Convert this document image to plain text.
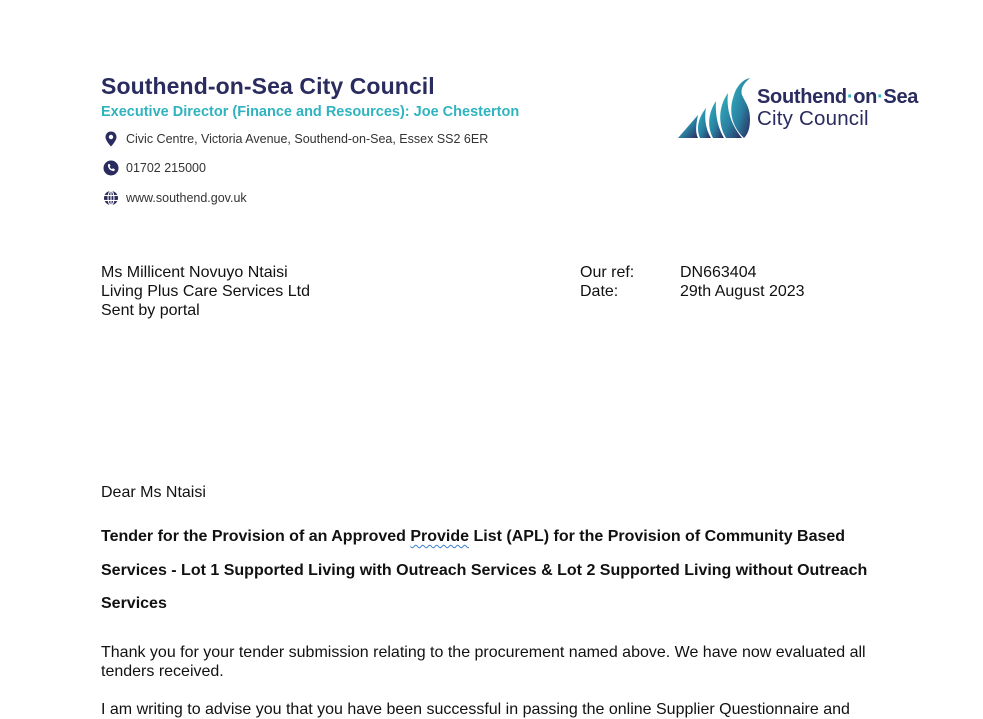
Southend-on-Sea City Council
Executive Director (Finance and Resources): Joe Chesterton
Civic Centre, Victoria Avenue, Southend-on-Sea, Essex SS2 6ER
01702 215000
www.southend.gov.uk
Southend·on·Sea
City Council
Ms Millicent Novuyo Ntaisi
Living Plus Care Services Ltd
Sent by portal
Our ref:	DN663404
Date:	29th August 2023
Dear Ms Ntaisi

Tender for the Provision of an Approved Provide List (APL) for the Provision of Community Based Services - Lot 1 Supported Living with Outreach Services & Lot 2 Supported Living without Outreach Services

Thank you for your tender submission relating to the procurement named above. We have now evaluated all tenders received.

I am writing to advise you that you have been successful in passing the online Supplier Questionnaire and
